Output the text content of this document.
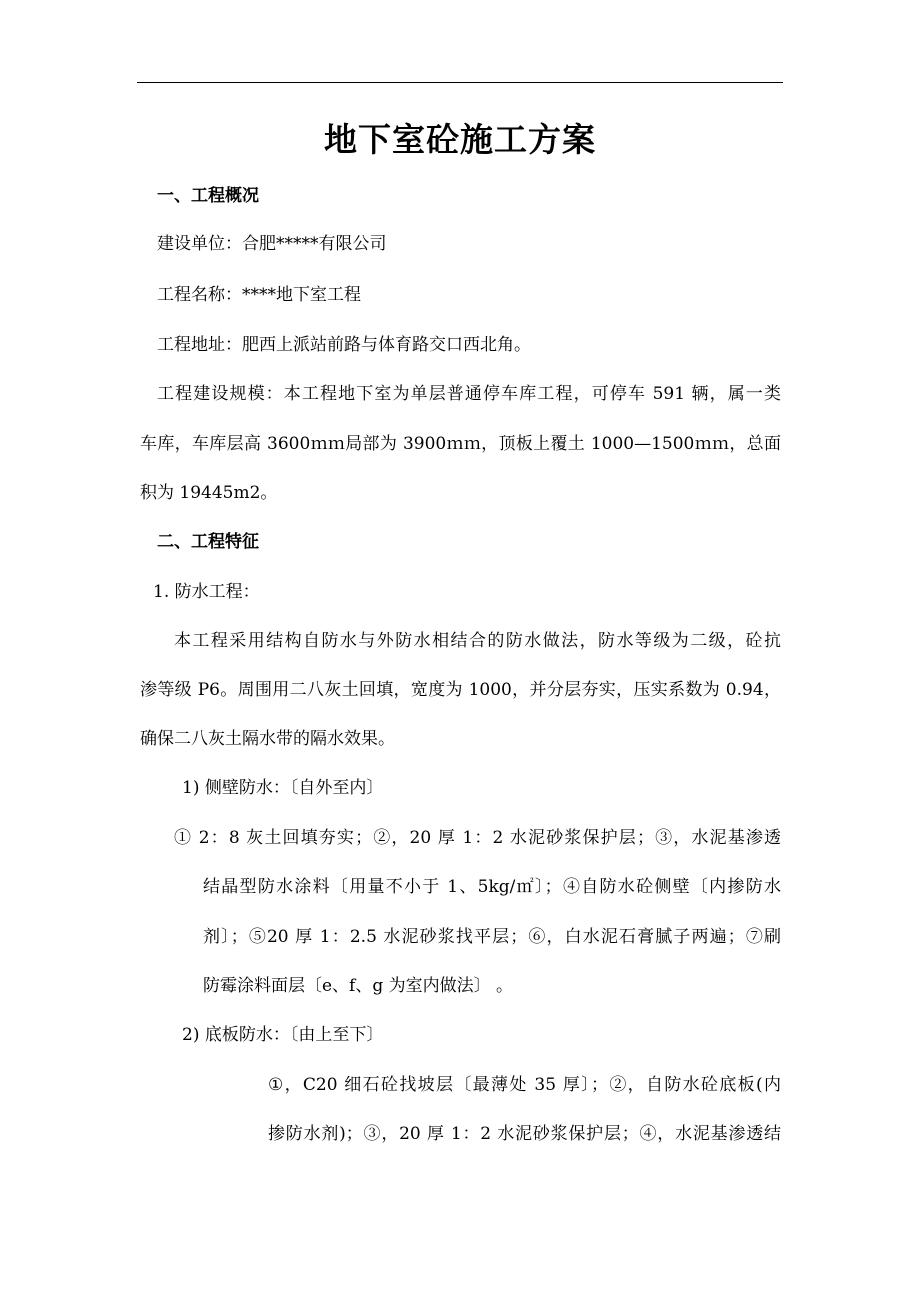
地下室砼施工方案
一、工程概况
建设单位：合肥*****有限公司
工程名称：****地下室工程
工程地址：肥西上派站前路与体育路交口西北角。
工程建设规模：本工程地下室为单层普通停车库工程，可停车 591 辆，属一类
车库，车库层高 3600ｍｍ局部为 3900ｍｍ，顶板上覆土 1000—1500ｍｍ，总面
积为 19445m2。
二、工程特征
1. 防水工程：
本工程采用结构自防水与外防水相结合的防水做法，防水等级为二级，砼抗
渗等级 P6。周围用二八灰土回填，宽度为 1000，并分层夯实，压实系数为 0.94，
确保二八灰土隔水带的隔水效果。
1) 侧壁防水：〔自外至内〕
① 2：8 灰土回填夯实；②，20 厚 1：2 水泥砂浆保护层；③，水泥基渗透
结晶型防水涂料〔用量不小于 1、5kg/㎡〕；④自防水砼侧壁〔内掺防水
剂〕；⑤20 厚 1：2.5 水泥砂浆找平层；⑥，白水泥石膏腻子两遍；⑦刷
防霉涂料面层〔e、f、g 为室内做法〕 。
2) 底板防水：〔由上至下〕
①，C20 细石砼找坡层〔最薄处 35 厚〕；②，自防水砼底板(内
掺防水剂)；③，20 厚 1：2 水泥砂浆保护层；④，水泥基渗透结
